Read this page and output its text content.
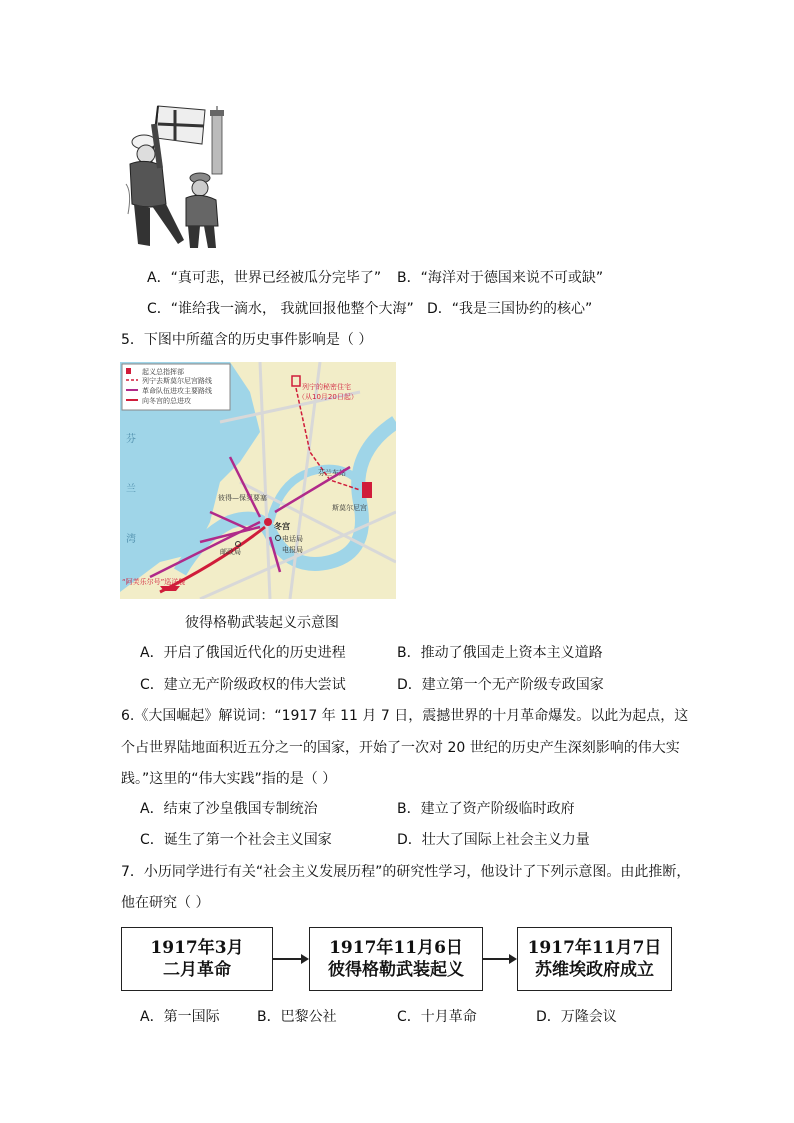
A．“真可悲，世界已经被瓜分完毕了” B．“海洋对于德国来说不可或缺”
C．“谁给我一滴水， 我就回报他整个大海” D．“我是三国协约的核心”
5．下图中所蕴含的历史事件影响是（ ）
起义总指挥部
列宁去斯莫尔尼宫路线
革命队伍进攻主要路线
向冬宫的总进攻
列宁的秘密住宅
（从10月20日起）
斯莫尔尼宫
芬兰车站
彼得—保罗要塞
冬宫
电话局
电报局
邮政局
“阿芙乐尔号”巡洋舰
芬
兰
湾
彼得格勒武装起义示意图
A．开启了俄国近代化的历史进程	B．推动了俄国走上资本主义道路
C．建立无产阶级政权的伟大尝试	D．建立第一个无产阶级专政国家
6.《大国崛起》解说词：“1917 年 11 月 7 日，震撼世界的十月革命爆发。以此为起点，这
个占世界陆地面积近五分之一的国家，开始了一次对 20 世纪的历史产生深刻影响的伟大实
践。”这里的“伟大实践”指的是（ ）
A．结束了沙皇俄国专制统治	B．建立了资产阶级临时政府
C．诞生了第一个社会主义国家	D．壮大了国际上社会主义力量
7．小历同学进行有关“社会主义发展历程”的研究性学习，他设计了下列示意图。由此推断，
他在研究（ ）
1917年3月
二月革命
1917年11月6日
彼得格勒武装起义
1917年11月7日
苏维埃政府成立
A．第一国际	B．巴黎公社	C．十月革命	D．万隆会议
